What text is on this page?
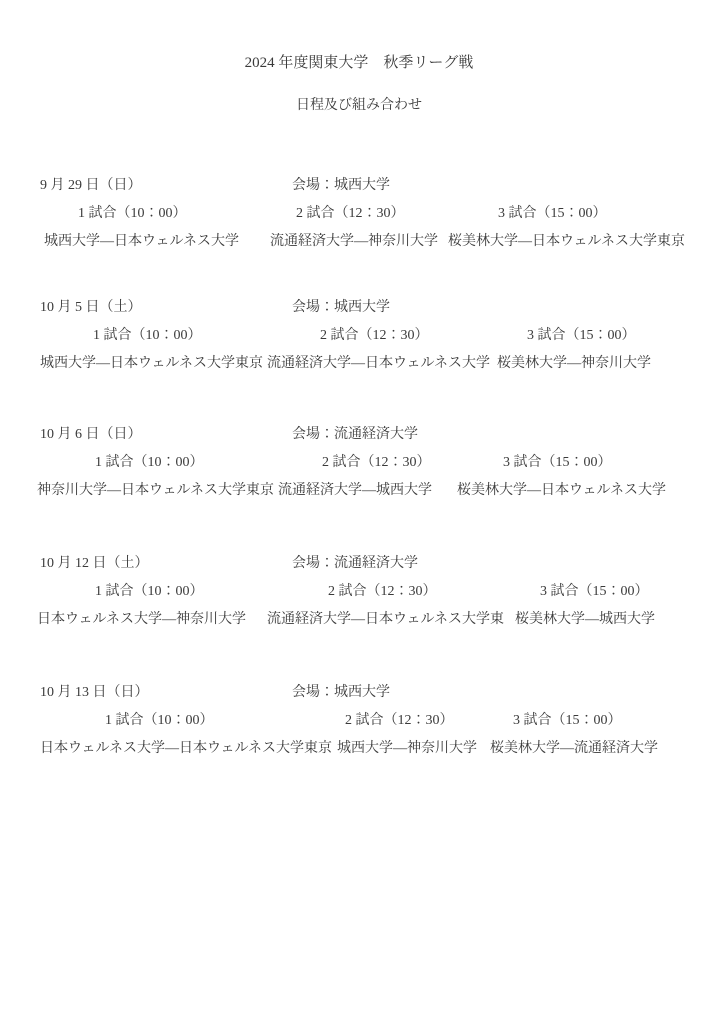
2024 年度関東大学　秋季リーグ戦
日程及び組み合わせ
9 月 29 日（日）	会場：城西大学
1 試合（10：00）	2 試合（12：30）	3 試合（15：00）
城西大学―日本ウェルネス大学 流通経済大学―神奈川大学 桜美林大学―日本ウェルネス大学東京
10 月 5 日（土）	会場：城西大学
1 試合（10：00）	2 試合（12：30）	3 試合（15：00）
城西大学―日本ウェルネス大学東京 流通経済大学―日本ウェルネス大学 桜美林大学―神奈川大学
10 月 6 日（日）	会場：流通経済大学
1 試合（10：00）	2 試合（12：30）	3 試合（15：00）
神奈川大学―日本ウェルネス大学東京 流通経済大学―城西大学 桜美林大学―日本ウェルネス大学
10 月 12 日（土）	会場：流通経済大学
1 試合（10：00）	2 試合（12：30）	3 試合（15：00）
日本ウェルネス大学―神奈川大学 流通経済大学―日本ウェルネス大学東 桜美林大学―城西大学
10 月 13 日（日）	会場：城西大学
1 試合（10：00）	2 試合（12：30）	3 試合（15：00）
日本ウェルネス大学―日本ウェルネス大学東京 城西大学―神奈川大学 桜美林大学―流通経済大学
